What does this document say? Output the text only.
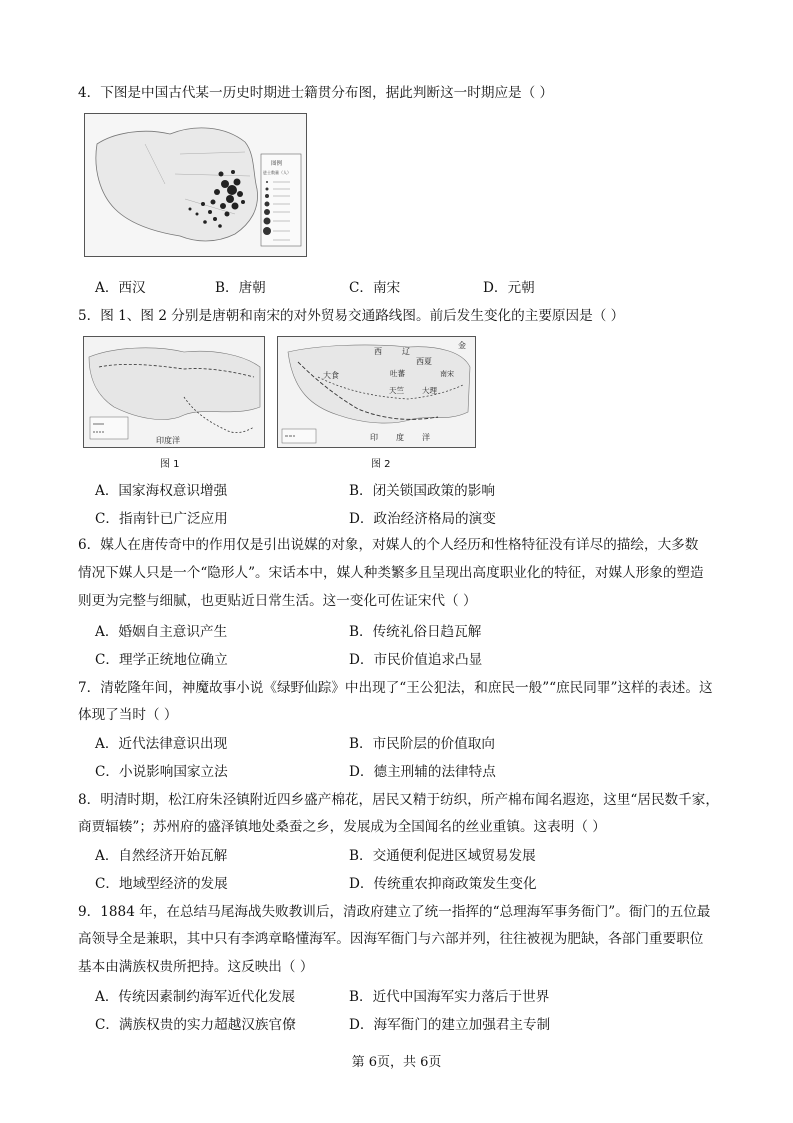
4．下图是中国古代某一历史时期进士籍贯分布图，据此判断这一时期应是（ ）
图例
进士数量（人）
A．西汉	B．唐朝	C．南宋	D．元朝
5．图 1、图 2 分别是唐朝和南宋的对外贸易交通路线图。前后发生变化的主要原因是（ ）
印度洋
图 1
金
西	辽
西夏
吐蕃	南宋
大食
天竺 大理
印 度 洋
图 2
A．国家海权意识增强	B．闭关锁国政策的影响
C．指南针已广泛应用	D．政治经济格局的演变
6．媒人在唐传奇中的作用仅是引出说媒的对象，对媒人的个人经历和性格特征没有详尽的描绘，大多数
情况下媒人只是一个“隐形人”。宋话本中，媒人种类繁多且呈现出高度职业化的特征，对媒人形象的塑造
则更为完整与细腻，也更贴近日常生活。这一变化可佐证宋代（ ）
A．婚姻自主意识产生	B．传统礼俗日趋瓦解
C．理学正统地位确立	D．市民价值追求凸显
7．清乾隆年间，神魔故事小说《绿野仙踪》中出现了“王公犯法，和庶民一般”“庶民同罪”这样的表述。这
体现了当时（ ）
A．近代法律意识出现	B．市民阶层的价值取向
C．小说影响国家立法	D．德主刑辅的法律特点
8．明清时期，松江府朱泾镇附近四乡盛产棉花，居民又精于纺织，所产棉布闻名遐迩，这里“居民数千家，
商贾辐辏”；苏州府的盛泽镇地处桑蚕之乡，发展成为全国闻名的丝业重镇。这表明（ ）
A．自然经济开始瓦解	B．交通便利促进区域贸易发展
C．地域型经济的发展	D．传统重农抑商政策发生变化
9．1884 年，在总结马尾海战失败教训后，清政府建立了统一指挥的“总理海军事务衙门”。衙门的五位最
高领导全是兼职，其中只有李鸿章略懂海军。因海军衙门与六部并列，往往被视为肥缺，各部门重要职位
基本由满族权贵所把持。这反映出（ ）
A．传统因素制约海军近代化发展	B．近代中国海军实力落后于世界
C．满族权贵的实力超越汉族官僚	D．海军衙门的建立加强君主专制
第 6页，共 6页
